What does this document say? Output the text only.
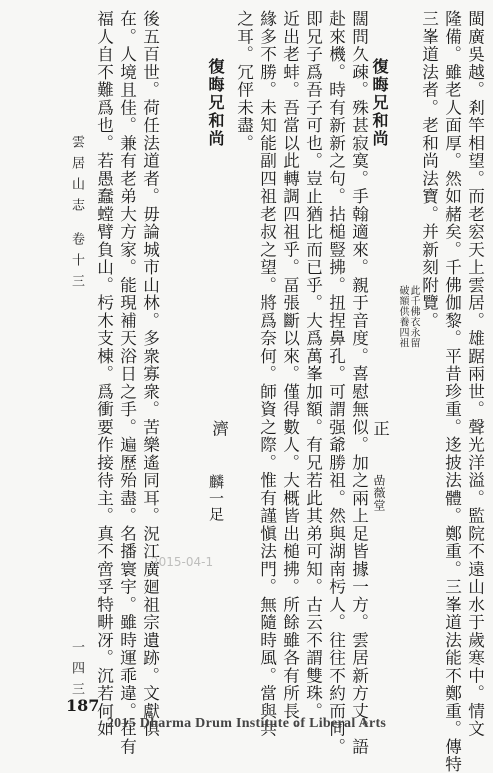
閩廣吳越。剎竿相望。而老䆖天上雲居。雄踞兩世。聲光洋溢。監院不遠山水于歲寒中。情文
隆備。雖老人面厚。然如赭矣。千佛伽黎。平昔珍重。迻披法體。鄭重。三峯道法能不鄭重。傳特
三峯道法者。老和尚法寶。并新刻附覽。
此千佛衣永留
破額供養四祖
復晦兄和尚
闊問久疎。殊甚寂寞。手翰適來。親于音度。喜慰無似。加之兩上足皆據一方。雲居新方丈。語
赴來機。時有新新之句。拈槌豎拂。扭捏鼻孔。可謂强爺勝祖。然與湖南杇人。往往不約而同。
即兄子爲吾子可也。豈止猶比而已乎。大爲萬峯加額。有兄若此其弟可知。古云不謂雙珠。
近出老蚌。吾當以此轉調四祖乎。畐張斷以來。僅得數人。大概皆出槌拂。所餘雖各有所長。
緣多不勝。未知能副四祖老叔之望。將爲奈何。師資之際。惟有謹愼法門。無隨時風。當與共
之耳。冗伻未盡。
復晦兄和尚
後五百世。荷任法道者。毋論城市山林。多衆寡衆。苦樂遙同耳。況江廣廻祖宗遺跡。文獻俱
在。人境且佳。兼有老弟大方家。能現補天浴日之手。遍歷殆盡。名播寰宇。雖時運乖違。在有
福人自不難爲也。若愚蠢螳臂負山。杇木支棟。爲衝要作接待主。真不啻孚特畊冴。沉若何如	正
嵒薇堂
濟
麟一足
雲居山志
卷十三
一四三
2015-04-1
187
2015 Dharma Drum Institute of Liberal Arts
